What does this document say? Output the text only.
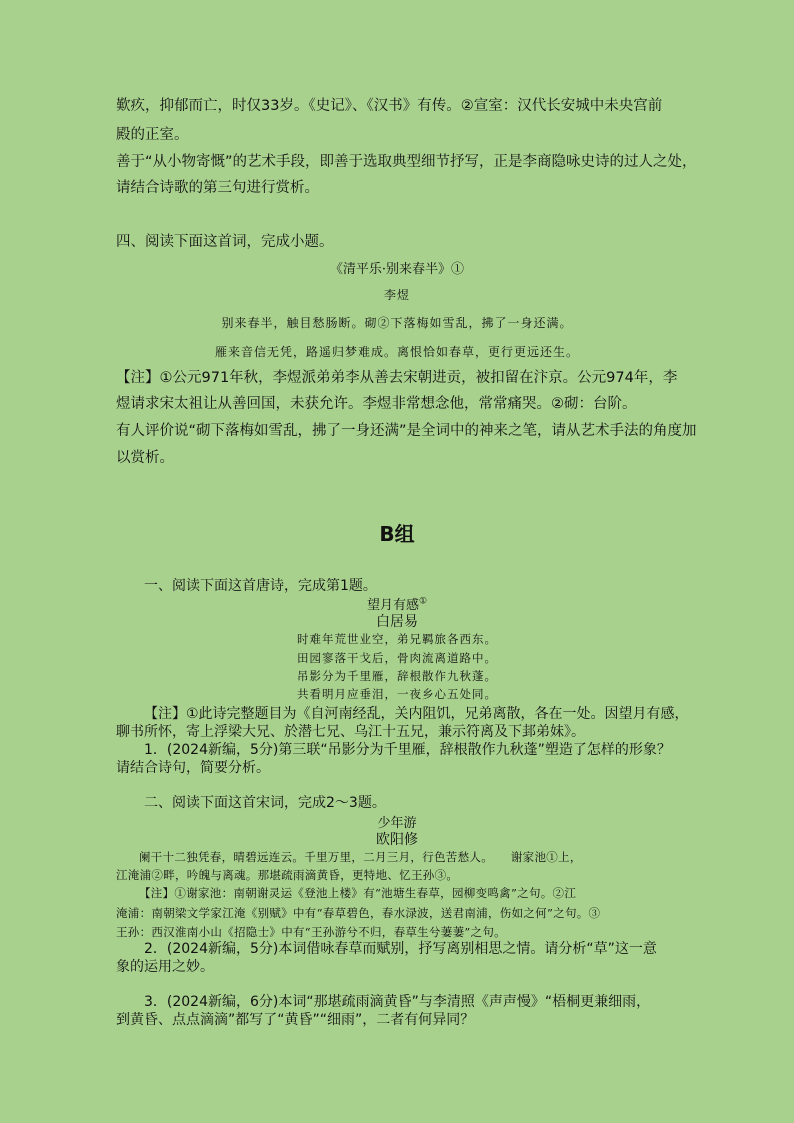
歎疚，抑郁而亡，时仅33岁。《史记》、《汉书》有传。②宣室：汉代长安城中未央宫前
殿的正室。
善于“从小物寄慨”的艺术手段，即善于选取典型细节抒写，正是李商隐咏史诗的过人之处，
请结合诗歌的第三句进行赏析。
四、阅读下面这首词，完成小题。
《清平乐·别来春半》①
李煜
别来春半，触目愁肠断。砌②下落梅如雪乱，拂了一身还满。
雁来音信无凭，路遥归梦难成。离恨恰如春草，更行更远还生。
【注】①公元971年秋，李煜派弟弟李从善去宋朝进贡，被扣留在汴京。公元974年，李
煜请求宋太祖让从善回国，未获允许。李煜非常想念他，常常痛哭。②砌：台阶。
有人评价说“砌下落梅如雪乱，拂了一身还满”是全词中的神来之笔，请从艺术手法的角度加
以赏析。
B组
一、阅读下面这首唐诗，完成第1题。
望月有感①
白居易
时难年荒世业空，弟兄羁旅各西东。
田园寥落干戈后，骨肉流离道路中。
吊影分为千里雁，辞根散作九秋蓬。
共看明月应垂泪，一夜乡心五处同。
【注】①此诗完整题目为《自河南经乱，关内阻饥，兄弟离散，各在一处。因望月有感，
聊书所怀，寄上浮梁大兄、於潜七兄、乌江十五兄，兼示符离及下邽弟妹》。
1．(2024新编，5分)第三联“吊影分为千里雁，辞根散作九秋蓬”塑造了怎样的形象？
请结合诗句，简要分析。
二、阅读下面这首宋词，完成2～3题。
少年游
欧阳修
阑干十二独凭春，晴碧远连云。千里万里，二月三月，行色苦愁人。　　谢家池①上，
江淹浦②畔，吟魄与离魂。那堪疏雨滴黄昏，更特地、忆王孙③。
【注】①谢家池：南朝谢灵运《登池上楼》有“池塘生春草，园柳变鸣禽”之句。②江
淹浦：南朝梁文学家江淹《别赋》中有“春草碧色，春水渌波，送君南浦，伤如之何”之句。③
王孙：西汉淮南小山《招隐士》中有“王孙游兮不归，春草生兮萋萋”之句。
2．(2024新编，5分)本词借咏春草而赋别，抒写离别相思之情。请分析“草”这一意
象的运用之妙。
3．(2024新编，6分)本词“那堪疏雨滴黄昏”与李清照《声声慢》“梧桐更兼细雨，
到黄昏、点点滴滴”都写了“黄昏”“细雨”，二者有何异同？
